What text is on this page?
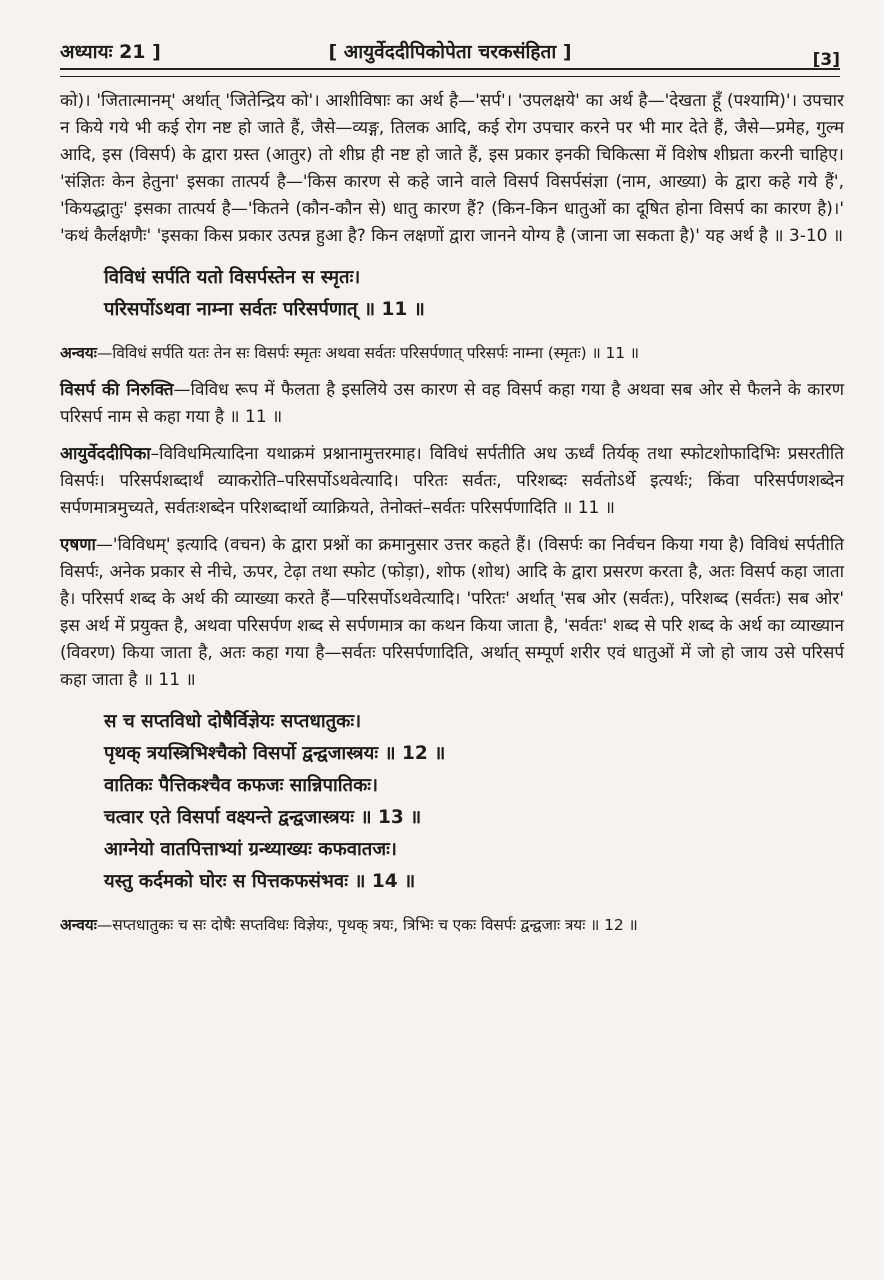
अध्यायः 21 ]	[ आयुर्वेददीपिकोपेता चरकसंहिता ]	[3]

को)। 'जितात्मानम्' अर्थात् 'जितेन्द्रिय को'। आशीविषाः का अर्थ है—'सर्प'। 'उपलक्षये' का अर्थ है—'देखता हूँ (पश्यामि)'। उपचार न किये गये भी कई रोग नष्ट हो जाते हैं, जैसे—व्यङ्ग, तिलक आदि, कई रोग उपचार करने पर भी मार देते हैं, जैसे—प्रमेह, गुल्म आदि, इस (विसर्प) के द्वारा ग्रस्त (आतुर) तो शीघ्र ही नष्ट हो जाते हैं, इस प्रकार इनकी चिकित्सा में विशेष शीघ्रता करनी चाहिए। 'संज्ञितः केन हेतुना' इसका तात्पर्य है—'किस कारण से कहे जाने वाले विसर्प विसर्पसंज्ञा (नाम, आख्या) के द्वारा कहे गये हैं', 'कियद्धातुः' इसका तात्पर्य है—'कितने (कौन-कौन से) धातु कारण हैं? (किन-किन धातुओं का दूषित होना विसर्प का कारण है)।' 'कथं कैर्लक्षणैः' 'इसका किस प्रकार उत्पन्न हुआ है? किन लक्षणों द्वारा जानने योग्य है (जाना जा सकता है)' यह अर्थ है ॥ 3-10 ॥

विविधं सर्पति यतो विसर्पस्तेन स स्मृतः।
परिसर्पोऽथवा नाम्ना सर्वतः परिसर्पणात् ॥ 11 ॥

अन्वयः—विविधं सर्पति यतः तेन सः विसर्पः स्मृतः अथवा सर्वतः परिसर्पणात् परिसर्पः नाम्ना (स्मृतः) ॥ 11 ॥

विसर्प की निरुक्ति—विविध रूप में फैलता है इसलिये उस कारण से वह विसर्प कहा गया है अथवा सब ओर से फैलने के कारण परिसर्प नाम से कहा गया है ॥ 11 ॥

आयुर्वेददीपिका–विविधमित्यादिना यथाक्रमं प्रश्नानामुत्तरमाह। विविधं सर्पतीति अध ऊर्ध्वं तिर्यक् तथा स्फोटशोफादिभिः प्रसरतीति विसर्पः। परिसर्पशब्दार्थं व्याकरोति–परिसर्पोऽथवेत्यादि। परितः सर्वतः, परिशब्दः सर्वतोऽर्थे इत्यर्थः; किंवा परिसर्पणशब्देन सर्पणमात्रमुच्यते, सर्वतःशब्देन परिशब्दार्थो व्याक्रियते, तेनोक्तं–सर्वतः परिसर्पणादिति ॥ 11 ॥

एषणा—'विविधम्' इत्यादि (वचन) के द्वारा प्रश्नों का क्रमानुसार उत्तर कहते हैं। (विसर्पः का निर्वचन किया गया है) विविधं सर्पतीति विसर्पः, अनेक प्रकार से नीचे, ऊपर, टेढ़ा तथा स्फोट (फोड़ा), शोफ (शोथ) आदि के द्वारा प्रसरण करता है, अतः विसर्प कहा जाता है। परिसर्प शब्द के अर्थ की व्याख्या करते हैं—परिसर्पोऽथवेत्यादि। 'परितः' अर्थात् 'सब ओर (सर्वतः), परिशब्द (सर्वतः) सब ओर' इस अर्थ में प्रयुक्त है, अथवा परिसर्पण शब्द से सर्पणमात्र का कथन किया जाता है, 'सर्वतः' शब्द से परि शब्द के अर्थ का व्याख्यान (विवरण) किया जाता है, अतः कहा गया है—सर्वतः परिसर्पणादिति, अर्थात् सम्पूर्ण शरीर एवं धातुओं में जो हो जाय उसे परिसर्प कहा जाता है ॥ 11 ॥

स च सप्तविधो दोषैर्विज्ञेयः सप्तधातुकः।
पृथक् त्रयस्त्रिभिश्चैको विसर्पो द्वन्द्वजास्त्रयः ॥ 12 ॥
वातिकः पैत्तिकश्चैव कफजः सान्निपातिकः।
चत्वार एते विसर्पा वक्ष्यन्ते द्वन्द्वजास्त्रयः ॥ 13 ॥
आग्नेयो वातपित्ताभ्यां ग्रन्थ्याख्यः कफवातजः।
यस्तु कर्दमको घोरः स पित्तकफसंभवः ॥ 14 ॥

अन्वयः—सप्तधातुकः च सः दोषैः सप्तविधः विज्ञेयः, पृथक् त्रयः, त्रिभिः च एकः विसर्पः द्वन्द्वजाः त्रयः ॥ 12 ॥
